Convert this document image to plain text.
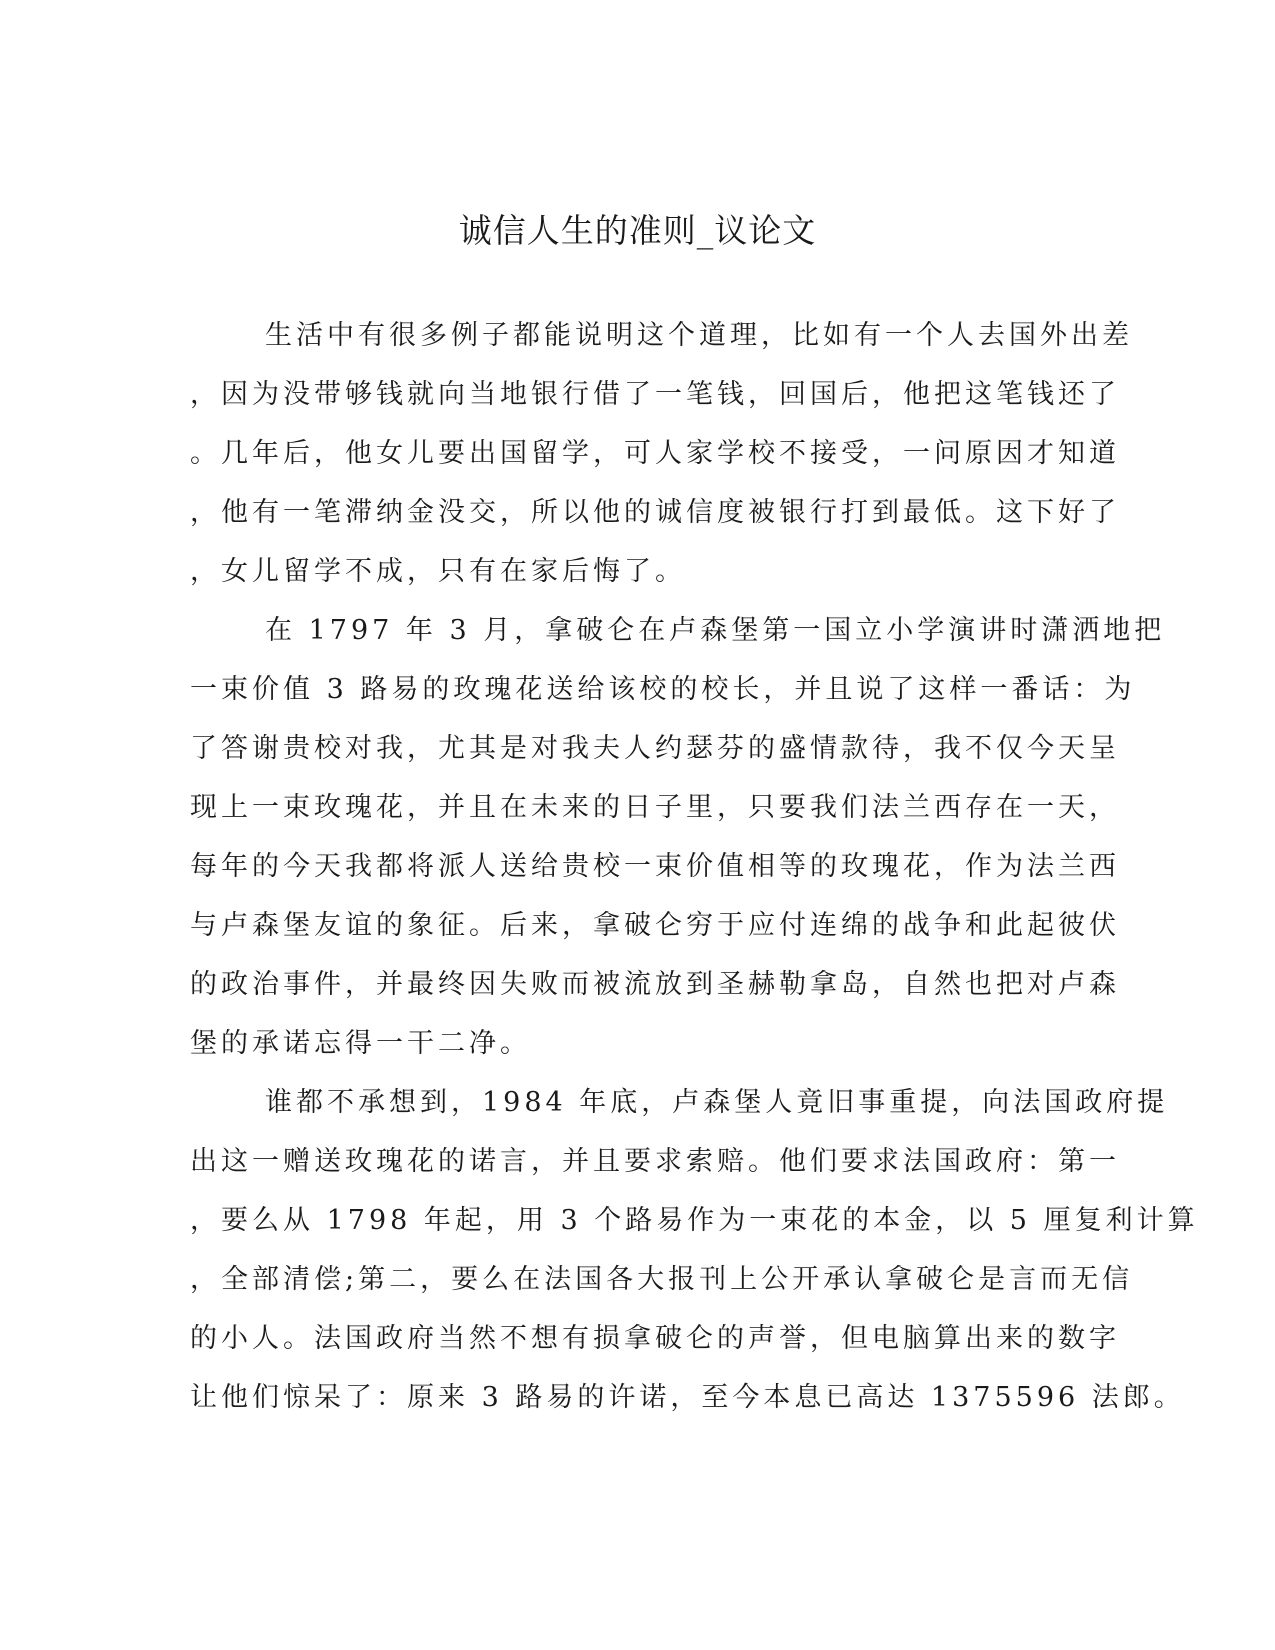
诚信人生的准则_议论文
生活中有很多例子都能说明这个道理，比如有一个人去国外出差
，因为没带够钱就向当地银行借了一笔钱，回国后，他把这笔钱还了
。几年后，他女儿要出国留学，可人家学校不接受，一问原因才知道
，他有一笔滞纳金没交，所以他的诚信度被银行打到最低。这下好了
，女儿留学不成，只有在家后悔了。
在 1797 年 3 月，拿破仑在卢森堡第一国立小学演讲时潇洒地把
一束价值 3 路易的玫瑰花送给该校的校长，并且说了这样一番话：为
了答谢贵校对我，尤其是对我夫人约瑟芬的盛情款待，我不仅今天呈
现上一束玫瑰花，并且在未来的日子里，只要我们法兰西存在一天，
每年的今天我都将派人送给贵校一束价值相等的玫瑰花，作为法兰西
与卢森堡友谊的象征。后来，拿破仑穷于应付连绵的战争和此起彼伏
的政治事件，并最终因失败而被流放到圣赫勒拿岛，自然也把对卢森
堡的承诺忘得一干二净。
谁都不承想到，1984 年底，卢森堡人竟旧事重提，向法国政府提
出这一赠送玫瑰花的诺言，并且要求索赔。他们要求法国政府：第一
，要么从 1798 年起，用 3 个路易作为一束花的本金，以 5 厘复利计算
，全部清偿;第二，要么在法国各大报刊上公开承认拿破仑是言而无信
的小人。法国政府当然不想有损拿破仑的声誉，但电脑算出来的数字
让他们惊呆了：原来 3 路易的许诺，至今本息已高达 1375596 法郎。
